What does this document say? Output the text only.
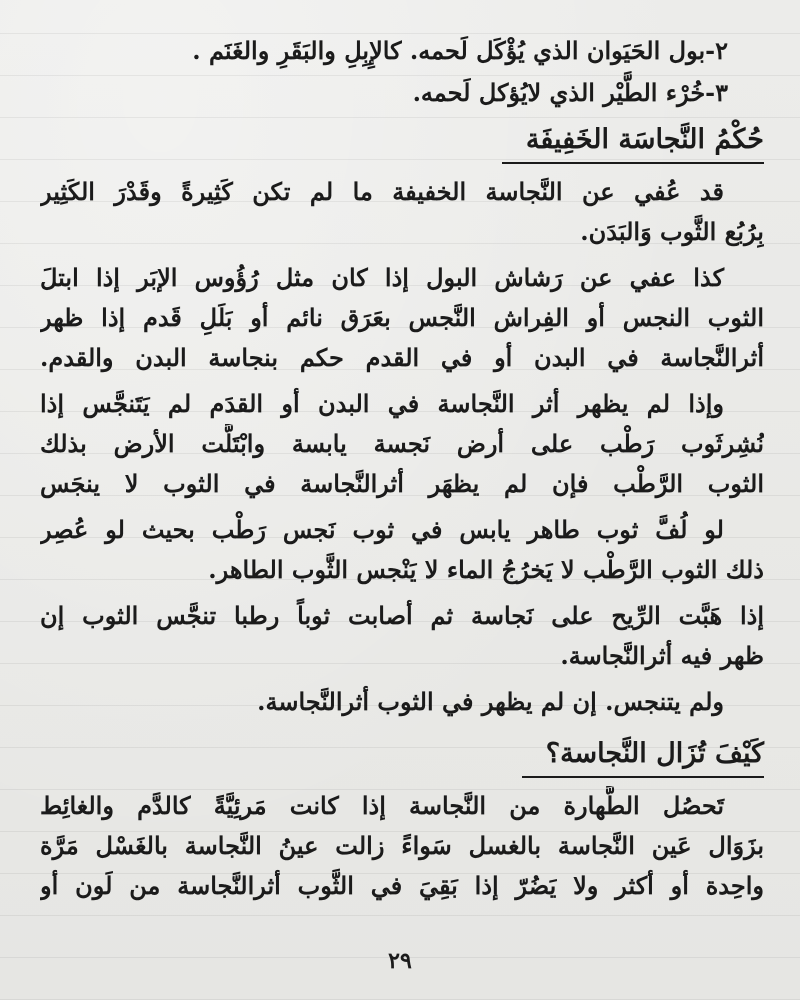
٢-بول الحَيَوان الذي يُؤْكَل لَحمه. كالإِبِلِ والبَقَرِ والغَنَم .
٣-خُرْء الطَّيْر الذي لايُؤكل لَحمه.
حُكْمُ النَّجاسَة الخَفِيفَة
قد عُفي عن النَّجاسة الخفيفة ما لم تكن كَثِيرةً وقَدْرَ الكَثِير
بِرُبُع الثَّوب وَالبَدَن.
كذا عفي عن رَشاش البول إذا كان مثل رُؤُوس الإبَر إذا ابتلَ
الثوب النجس أو الفِراش النَّجس بعَرَق نائم أو بَلَلِ قَدم إذا ظهر
أثرالنَّجاسة في البدن أو في القدم حكم بنجاسة البدن والقدم.
وإذا لم يظهر أثر النَّجاسة في البدن أو القدَم لم يَتَنجَّس إذا
نُشِرثَوب رَطْب على أرض نَجسة يابسة وابْتَلَّت الأرض بذلك
الثوب الرَّطْب فإن لم يظهَر أثرالنَّجاسة في الثوب لا ينجَس
لو لُفَّ ثوب طاهر يابس في ثوب نَجس رَطْب بحيث لو عُصِر
ذلك الثوب الرَّطْب لا يَخرُجُ الماء لا يَنْجس الثَّوب الطاهر.
إذا هَبَّت الرِّيح على نَجاسة ثم أصابت ثوباً رطبا تنجَّس الثوب إن
ظهر فيه أثرالنَّجاسة.
ولم يتنجس. إن لم يظهر في الثوب أثرالنَّجاسة.
كَيْفَ تُزَال النَّجاسة؟
تَحصُل الطَّهارة من النَّجاسة إذا كانت مَرئِيَّةً كالدَّم والغائِط
بزَوَال عَين النَّجاسة بالغسل سَواءً زالت عينُ النَّجاسة بالغَسْل مَرَّة
واحِدة أو أكثر ولا يَضُرّ إذا بَقِيَ في الثَّوب أثرالنَّجاسة من لَون أو
٢٩
